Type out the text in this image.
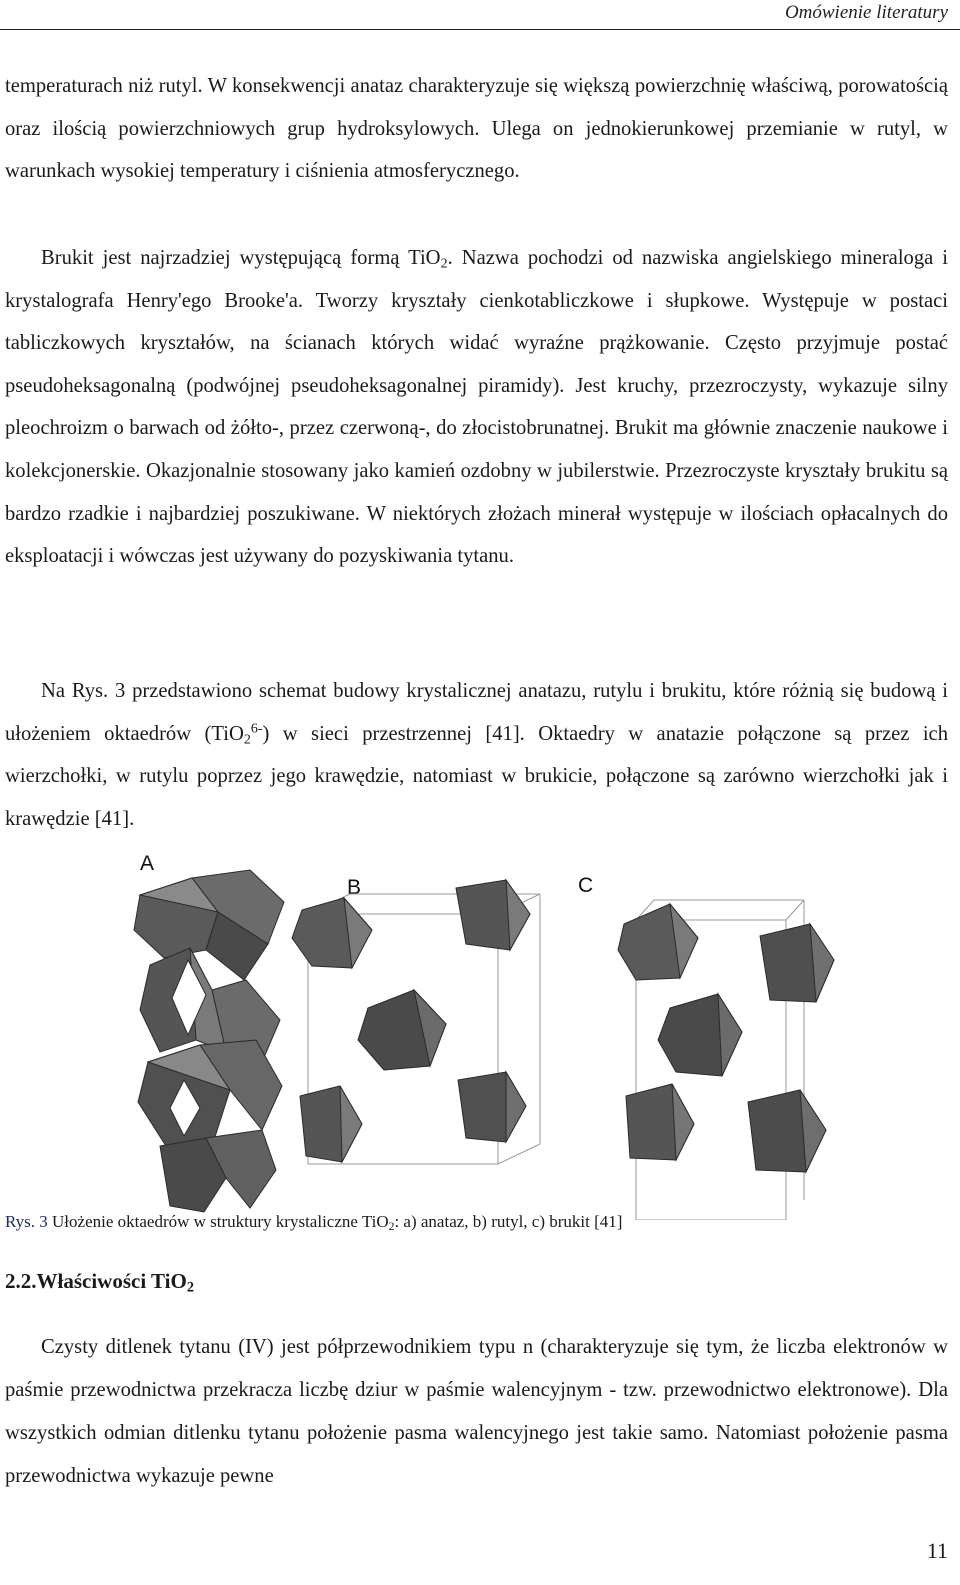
Omówienie literatury

temperaturach niż rutyl. W konsekwencji anataz charakteryzuje się większą powierzchnię właściwą, porowatością oraz ilością powierzchniowych grup hydroksylowych. Ulega on jednokierunkowej przemianie w rutyl, w warunkach wysokiej temperatury i ciśnienia atmosferycznego.

Brukit jest najrzadziej występującą formą TiO$_2$. Nazwa pochodzi od nazwiska angielskiego mineraloga i krystalografa Henry'ego Brooke'a. Tworzy kryształy cienkotabliczkowe i słupkowe. Występuje w postaci tabliczkowych kryształów, na ścianach których widać wyraźne prążkowanie. Często przyjmuje postać pseudoheksagonalną (podwójnej pseudoheksagonalnej piramidy). Jest kruchy, przezroczysty, wykazuje silny pleochroizm o barwach od żółto-, przez czerwoną-, do złocistobrunatnej. Brukit ma głównie znaczenie naukowe i kolekcjonerskie. Okazjonalnie stosowany jako kamień ozdobny w jubilerstwie. Przezroczyste kryształy brukitu są bardzo rzadkie i najbardziej poszukiwane. W niektórych złożach minerał występuje w ilościach opłacalnych do eksploatacji i wówczas jest używany do pozyskiwania tytanu.

Na Rys. 3 przedstawiono schemat budowy krystalicznej anatazu, rutylu i brukitu, które różnią się budową i ułożeniem oktaedrów (TiO$_2^{6-}$) w sieci przestrzennej [41]. Oktaedry w anatazie połączone są przez ich wierzchołki, w rutylu poprzez jego krawędzie, natomiast w brukicie, połączone są zarówno wierzchołki jak i krawędzie [41].

A
B	C
Rys. 3 Ułożenie oktaedrów w struktury krystaliczne TiO$_2$: a) anataz, b) rutyl, c) brukit [41]
2.2.Właściwości TiO$_2$

Czysty ditlenek tytanu (IV) jest półprzewodnikiem typu n (charakteryzuje się tym, że liczba elektronów w paśmie przewodnictwa przekracza liczbę dziur w paśmie walencyjnym - tzw. przewodnictwo elektronowe). Dla wszystkich odmian ditlenku tytanu położenie pasma walencyjnego jest takie samo. Natomiast położenie pasma przewodnictwa wykazuje pewne

11
